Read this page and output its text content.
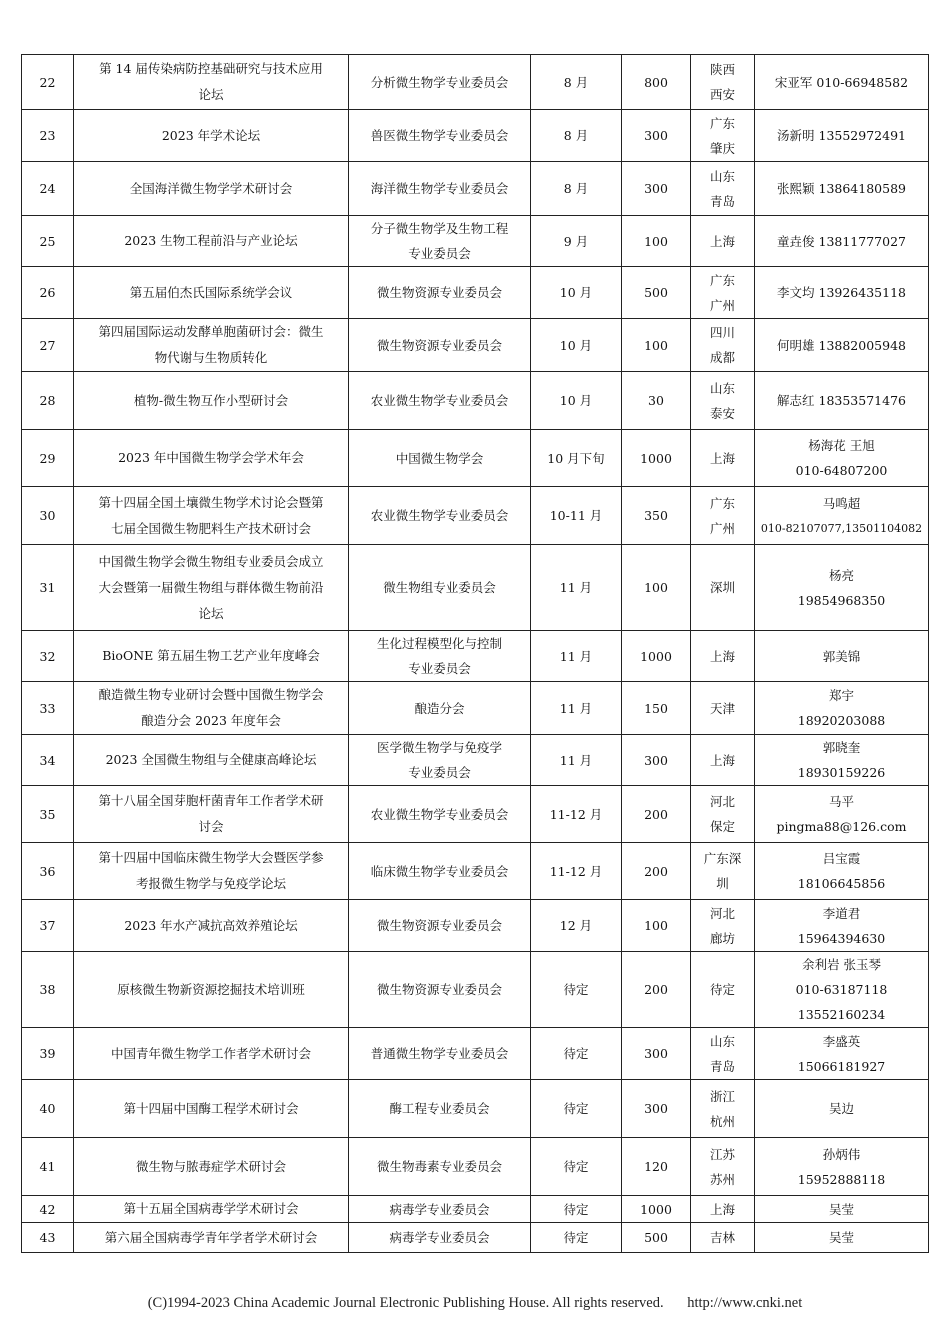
22	第 14 届传染病防控基础研究与技术应用
论坛	分析微生物学专业委员会	8 月	800	陕西
西安	宋亚军 010-66948582

23	2023 年学术论坛	兽医微生物学专业委员会	8 月	300	广东
肇庆	汤新明 13552972491

24	全国海洋微生物学学术研讨会	海洋微生物学专业委员会	8 月	300	山东
青岛	张熙颖 13864180589

25	2023 生物工程前沿与产业论坛	分子微生物学及生物工程
专业委员会	9 月	100	上海	童垚俊 13811777027

26	第五届伯杰氏国际系统学会议	微生物资源专业委员会	10 月	500	广东
广州	李文均 13926435118

27	第四届国际运动发酵单胞菌研讨会：微生
物代谢与生物质转化	微生物资源专业委员会	10 月	100	四川
成都	何明雄 13882005948

28	植物-微生物互作小型研讨会	农业微生物学专业委员会	10 月	30	山东
泰安	解志红 18353571476

29	2023 年中国微生物学会学术年会	中国微生物学会	10 月下旬	1000	上海	杨海花 王旭
010-64807200

30	第十四届全国土壤微生物学术讨论会暨第
七届全国微生物肥料生产技术研讨会	农业微生物学专业委员会	10-11 月	350	广东
广州	马鸣超
010-82107077,13501104082

31	中国微生物学会微生物组专业委员会成立
大会暨第一届微生物组与群体微生物前沿
论坛	微生物组专业委员会	11 月	100	深圳	杨亮
19854968350

32	BioONE 第五届生物工艺产业年度峰会	生化过程模型化与控制
专业委员会	11 月	1000	上海	郭美锦

33	酿造微生物专业研讨会暨中国微生物学会
酿造分会 2023 年度年会	酿造分会	11 月	150	天津	郑宇
18920203088

34	2023 全国微生物组与全健康高峰论坛	医学微生物学与免疫学
专业委员会	11 月	300	上海	郭晓奎
18930159226

35	第十八届全国芽胞杆菌青年工作者学术研
讨会	农业微生物学专业委员会	11-12 月	200	河北
保定	马平
pingma88@126.com

36	第十四届中国临床微生物学大会暨医学参
考报微生物学与免疫学论坛	临床微生物学专业委员会	11-12 月	200	广东深
圳	吕宝霞
18106645856

37	2023 年水产减抗高效养殖论坛	微生物资源专业委员会	12 月	100	河北
廊坊	李道君
15964394630

38	原核微生物新资源挖掘技术培训班	微生物资源专业委员会	待定	200	待定	余利岩 张玉琴
010-63187118
13552160234

39	中国青年微生物学工作者学术研讨会	普通微生物学专业委员会	待定	300	山东
青岛	李盛英
15066181927

40	第十四届中国酶工程学术研讨会	酶工程专业委员会	待定	300	浙江
杭州	吴边

41	微生物与脓毒症学术研讨会	微生物毒素专业委员会	待定	120	江苏
苏州	孙炳伟
15952888118

42	第十五届全国病毒学学术研讨会	病毒学专业委员会	待定	1000	上海	吴莹

43	第六届全国病毒学青年学者学术研讨会	病毒学专业委员会	待定	500	吉林	吴莹
(C)1994-2023 China Academic Journal Electronic Publishing House. All rights reserved. http://www.cnki.net
